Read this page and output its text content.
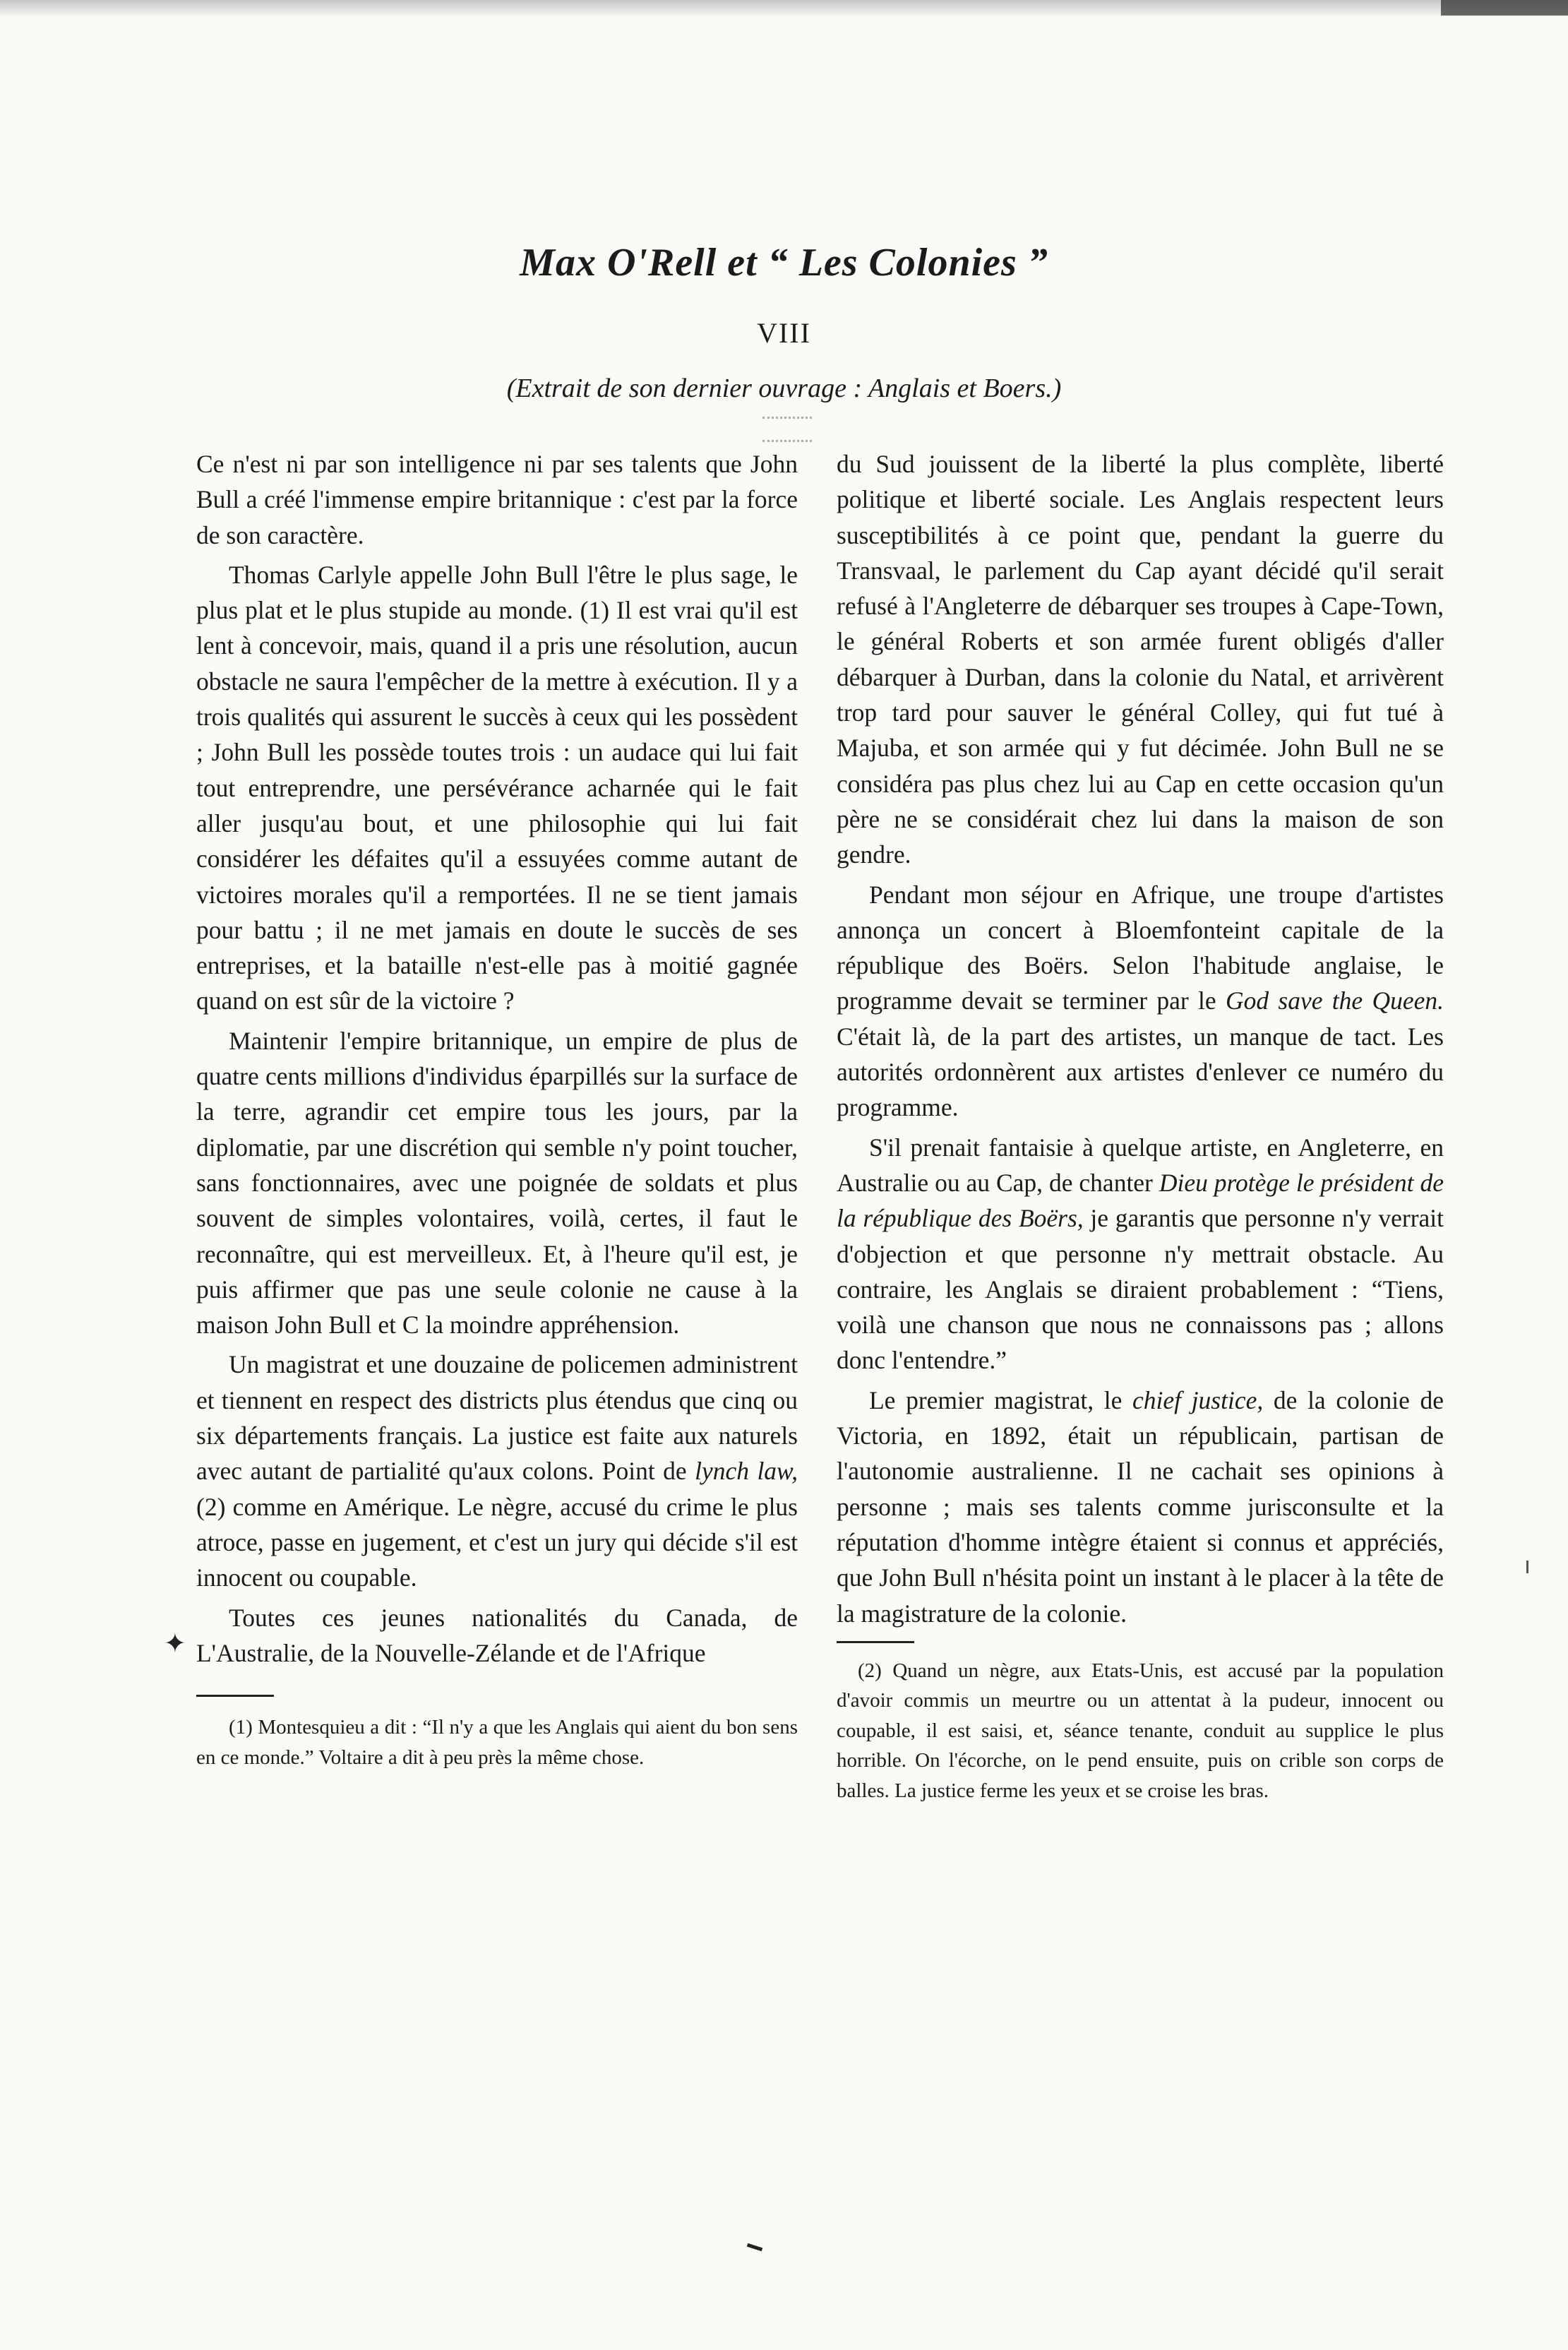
Max O'Rell et “ Les Colonies ”
VIII
(Extrait de son dernier ouvrage : Anglais et Boers.)

Ce n'est ni par son intelligence ni par ses talents que John Bull a créé l'immense empire britannique : c'est par la force de son caractère.

Thomas Carlyle appelle John Bull l'être le plus sage, le plus plat et le plus stupide au monde. (1) Il est vrai qu'il est lent à concevoir, mais, quand il a pris une résolution, aucun obstacle ne saura l'empêcher de la mettre à exécution. Il y a trois qualités qui assurent le succès à ceux qui les possèdent ; John Bull les possède toutes trois : un audace qui lui fait tout entreprendre, une persévérance acharnée qui le fait aller jusqu'au bout, et une philosophie qui lui fait considérer les défaites qu'il a essuyées comme autant de victoires morales qu'il a remportées. Il ne se tient jamais pour battu ; il ne met jamais en doute le succès de ses entreprises, et la bataille n'est-elle pas à moitié gagnée quand on est sûr de la victoire ?

Maintenir l'empire britannique, un empire de plus de quatre cents millions d'individus éparpillés sur la surface de la terre, agrandir cet empire tous les jours, par la diplomatie, par une discrétion qui semble n'y point toucher, sans fonctionnaires, avec une poignée de soldats et plus souvent de simples volontaires, voilà, certes, il faut le reconnaître, qui est merveilleux. Et, à l'heure qu'il est, je puis affirmer que pas une seule colonie ne cause à la maison John Bull et C la moindre appréhension.

Un magistrat et une douzaine de policemen administrent et tiennent en respect des districts plus étendus que cinq ou six départements français. La justice est faite aux naturels avec autant de partialité qu'aux colons. Point de lynch law, (2) comme en Amérique. Le nègre, accusé du crime le plus atroce, passe en jugement, et c'est un jury qui décide s'il est innocent ou coupable.

Toutes ces jeunes nationalités du Canada, de L'Australie, de la Nouvelle-Zélande et de l'Afrique

(1) Montesquieu a dit : “Il n'y a que les Anglais qui aient du bon sens en ce monde.” Voltaire a dit à peu près la même chose.

du Sud jouissent de la liberté la plus complète, liberté politique et liberté sociale. Les Anglais respectent leurs susceptibilités à ce point que, pendant la guerre du Transvaal, le parlement du Cap ayant décidé qu'il serait refusé à l'Angleterre de débarquer ses troupes à Cape-Town, le général Roberts et son armée furent obligés d'aller débarquer à Durban, dans la colonie du Natal, et arrivèrent trop tard pour sauver le général Colley, qui fut tué à Majuba, et son armée qui y fut décimée. John Bull ne se considéra pas plus chez lui au Cap en cette occasion qu'un père ne se considérait chez lui dans la maison de son gendre.

Pendant mon séjour en Afrique, une troupe d'artistes annonça un concert à Bloemfonteint capitale de la république des Boërs. Selon l'habitude anglaise, le programme devait se terminer par le God save the Queen. C'était là, de la part des artistes, un manque de tact. Les autorités ordonnèrent aux artistes d'enlever ce numéro du programme.

S'il prenait fantaisie à quelque artiste, en Angleterre, en Australie ou au Cap, de chanter Dieu protège le président de la république des Boërs, je garantis que personne n'y verrait d'objection et que personne n'y mettrait obstacle. Au contraire, les Anglais se diraient probablement : “Tiens, voilà une chanson que nous ne connaissons pas ; allons donc l'entendre.”

Le premier magistrat, le chief justice, de la colonie de Victoria, en 1892, était un républicain, partisan de l'autonomie australienne. Il ne cachait ses opinions à personne ; mais ses talents comme jurisconsulte et la réputation d'homme intègre étaient si connus et appréciés, que John Bull n'hésita point un instant à le placer à la tête de la magistrature de la colonie.

(2) Quand un nègre, aux Etats-Unis, est accusé par la population d'avoir commis un meurtre ou un attentat à la pudeur, innocent ou coupable, il est saisi, et, séance tenante, conduit au supplice le plus horrible. On l'écorche, on le pend ensuite, puis on crible son corps de balles. La justice ferme les yeux et se croise les bras.

✦
